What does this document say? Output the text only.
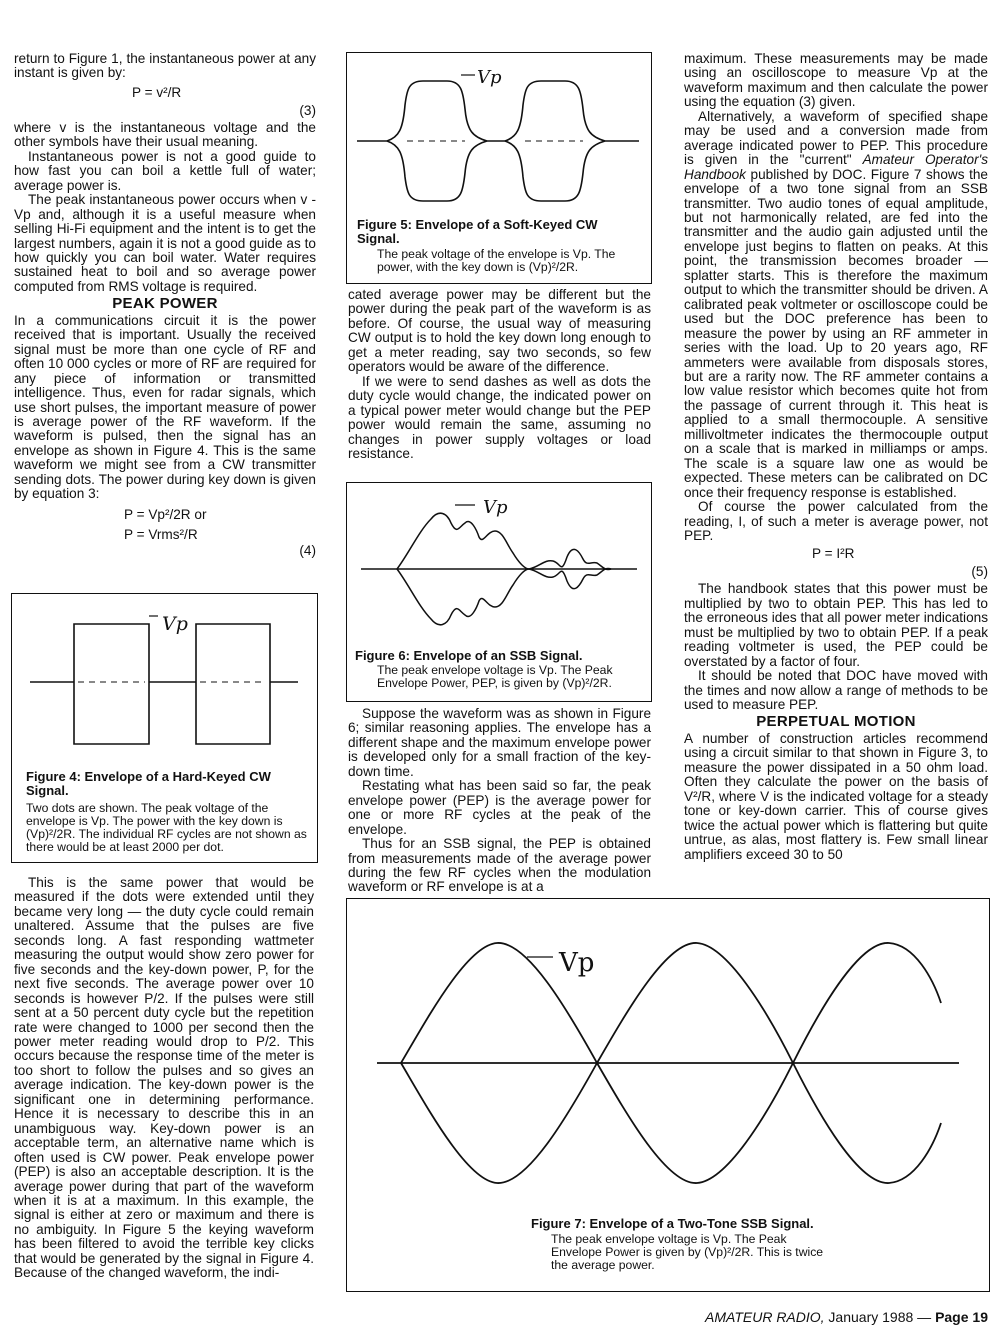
return to Figure 1, the instantaneous power at any instant is given by:

P = v²/R
(3)

where v is the instantaneous voltage and the other symbols have their usual meaning.

Instantaneous power is not a good guide to how fast you can boil a kettle full of water; average power is.

The peak instantaneous power occurs when v - Vp and, although it is a useful measure when selling Hi-Fi equipment and the intent is to get the largest numbers, again it is not a good guide as to how quickly you can boil water. Water requires sustained heat to boil and so average power computed from RMS voltage is required.

PEAK POWER

In a communications circuit it is the power received that is important. Usually the received signal must be more than one cycle of RF and often 10 000 cycles or more of RF are required for any piece of information or transmitted intelligence. Thus, even for radar signals, which use short pulses, the important measure of power is average power of the RF waveform. If the waveform is pulsed, then the signal has an envelope as shown in Figure 4. This is the same waveform we might see from a CW transmitter sending dots. The power during key down is given by equation 3:

P = Vp²/2R or
P = Vrms²/R
(4)
Vp
Figure 4: Envelope of a Hard-Keyed CW Signal.
Two dots are shown. The peak voltage of the envelope is Vp. The power with the key down is (Vp)²/2R. The individual RF cycles are not shown as there would be at least 2000 per dot.

This is the same power that would be measured if the dots were extended until they became very long — the duty cycle could remain unaltered. Assume that the pulses are five seconds long. A fast responding wattmeter measuring the output would show zero power for five seconds and the key-down power, P, for the next five seconds. The average power over 10 seconds is however P/2. If the pulses were still sent at a 50 percent duty cycle but the repetition rate were changed to 1000 per second then the power meter reading would drop to P/2. This occurs because the response time of the meter is too short to follow the pulses and so gives an average indication. The key-down power is the significant one in determining performance. Hence it is necessary to describe this in an unambiguous way. Key-down power is an acceptable term, an alternative name which is often used is CW power. Peak envelope power (PEP) is also an acceptable description. It is the average power during that part of the waveform when it is at a maximum. In this example, the signal is either at zero or maximum and there is no ambiguity. In Figure 5 the keying waveform has been filtered to avoid the terrible key clicks that would be generated by the signal in Figure 4. Because of the changed waveform, the indi-

Vp
Figure 5: Envelope of a Soft-Keyed CW Signal.
The peak voltage of the envelope is Vp. The power, with the key down is (Vp)²/2R.

cated average power may be different but the power during the peak part of the waveform is as before. Of course, the usual way of measuring CW output is to hold the key down long enough to get a meter reading, say two seconds, so few operators would be aware of the difference.

If we were to send dashes as well as dots the duty cycle would change, the indicated power on a typical power meter would change but the PEP power would remain the same, assuming no changes in power supply voltages or load resistance.

Vp
Figure 6: Envelope of an SSB Signal.
The peak envelope voltage is Vp. The Peak Envelope Power, PEP, is given by (Vp)²/2R.

Suppose the waveform was as shown in Figure 6; similar reasoning applies. The envelope has a different shape and the maximum envelope power is developed only for a small fraction of the key-down time.

Restating what has been said so far, the peak envelope power (PEP) is the average power for one or more RF cycles at the peak of the envelope.

Thus for an SSB signal, the PEP is obtained from measurements made of the average power during the few RF cycles when the modulation waveform or RF envelope is at a

maximum. These measurements may be made using an oscilloscope to measure Vp at the waveform maximum and then calculate the power using the equation (3) given.

Alternatively, a waveform of specified shape may be used and a conversion made from average indicated power to PEP. This procedure is given in the "current" Amateur Operator's Handbook published by DOC. Figure 7 shows the envelope of a two tone signal from an SSB transmitter. Two audio tones of equal amplitude, but not harmonically related, are fed into the transmitter and the audio gain adjusted until the envelope just begins to flatten on peaks. At this point, the transmission becomes broader — splatter starts. This is therefore the maximum output to which the transmitter should be driven. A calibrated peak voltmeter or oscilloscope could be used but the DOC preference has been to measure the power by using an RF ammeter in series with the load. Up to 20 years ago, RF ammeters were available from disposals stores, but are a rarity now. The RF ammeter contains a low value resistor which becomes quite hot from the passage of current through it. This heat is applied to a small thermocouple. A sensitive millivoltmeter indicates the thermocouple output on a scale that is marked in milliamps or amps. The scale is a square law one as would be expected. These meters can be calibrated on DC once their frequency response is established.

Of course the power calculated from the reading, I, of such a meter is average power, not PEP.

P = I²R
(5)

The handbook states that this power must be multiplied by two to obtain PEP. This has led to the erroneous ides that all power meter indications must be multiplied by two to obtain PEP. If a peak reading voltmeter is used, the PEP could be overstated by a factor of four.

It should be noted that DOC have moved with the times and now allow a range of methods to be used to measure PEP.

PERPETUAL MOTION

A number of construction articles recommend using a circuit similar to that shown in Figure 3, to measure the power dissipated in a 50 ohm load. Often they calculate the power on the basis of V²/R, where V is the indicated voltage for a steady tone or key-down carrier. This of course gives twice the actual power which is flattering but quite untrue, as alas, most flattery is. Few small linear amplifiers exceed 30 to 50

Vp
Figure 7: Envelope of a Two-Tone SSB Signal.
The peak envelope voltage is Vp. The Peak Envelope Power is given by (Vp)²/2R. This is twice the average power.
AMATEUR RADIO, January 1988 — Page 19
